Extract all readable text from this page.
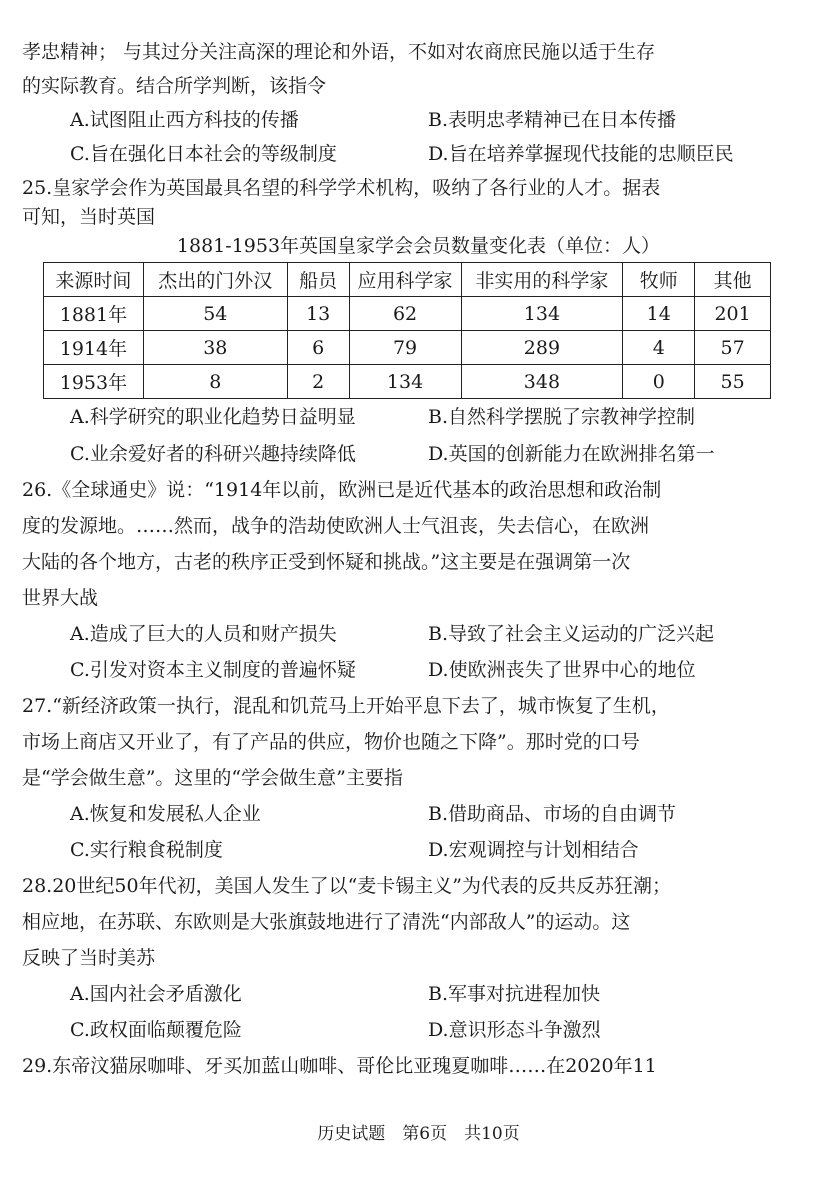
孝忠精神； 与其过分关注高深的理论和外语，不如对农商庶民施以适于生存
的实际教育。结合所学判断，该指令
A.试图阻止西方科技的传播	B.表明忠孝精神已在日本传播
C.旨在强化日本社会的等级制度	D.旨在培养掌握现代技能的忠顺臣民
25.皇家学会作为英国最具名望的科学学术机构，吸纳了各行业的人才。据表
可知，当时英国
1881-1953年英国皇家学会会员数量变化表（单位：人）
来源时间	杰出的门外汉	船员	应用科学家	非实用的科学家	牧师	其他
1881年	54	13	62	134	14	201
1914年	38	6	79	289	4	57
1953年	8	2	134	348	0	55
A.科学研究的职业化趋势日益明显	B.自然科学摆脱了宗教神学控制
C.业余爱好者的科研兴趣持续降低	D.英国的创新能力在欧洲排名第一
26.《全球通史》说：“1914年以前，欧洲已是近代基本的政治思想和政治制
度的发源地。……然而，战争的浩劫使欧洲人士气沮丧，失去信心，在欧洲
大陆的各个地方，古老的秩序正受到怀疑和挑战。”这主要是在强调第一次
世界大战
A.造成了巨大的人员和财产损失	B.导致了社会主义运动的广泛兴起
C.引发对资本主义制度的普遍怀疑	D.使欧洲丧失了世界中心的地位
27.“新经济政策一执行，混乱和饥荒马上开始平息下去了，城市恢复了生机，
市场上商店又开业了，有了产品的供应，物价也随之下降”。那时党的口号
是“学会做生意”。这里的“学会做生意”主要指
A.恢复和发展私人企业	B.借助商品、市场的自由调节
C.实行粮食税制度	D.宏观调控与计划相结合
28.20世纪50年代初，美国人发生了以“麦卡锡主义”为代表的反共反苏狂潮；
相应地，在苏联、东欧则是大张旗鼓地进行了清洗“内部敌人”的运动。这
反映了当时美苏
A.国内社会矛盾激化	B.军事对抗进程加快
C.政权面临颠覆危险	D.意识形态斗争激烈
29.东帝汶猫尿咖啡、牙买加蓝山咖啡、哥伦比亚瑰夏咖啡……在2020年11
历史试题　第6页　共10页
